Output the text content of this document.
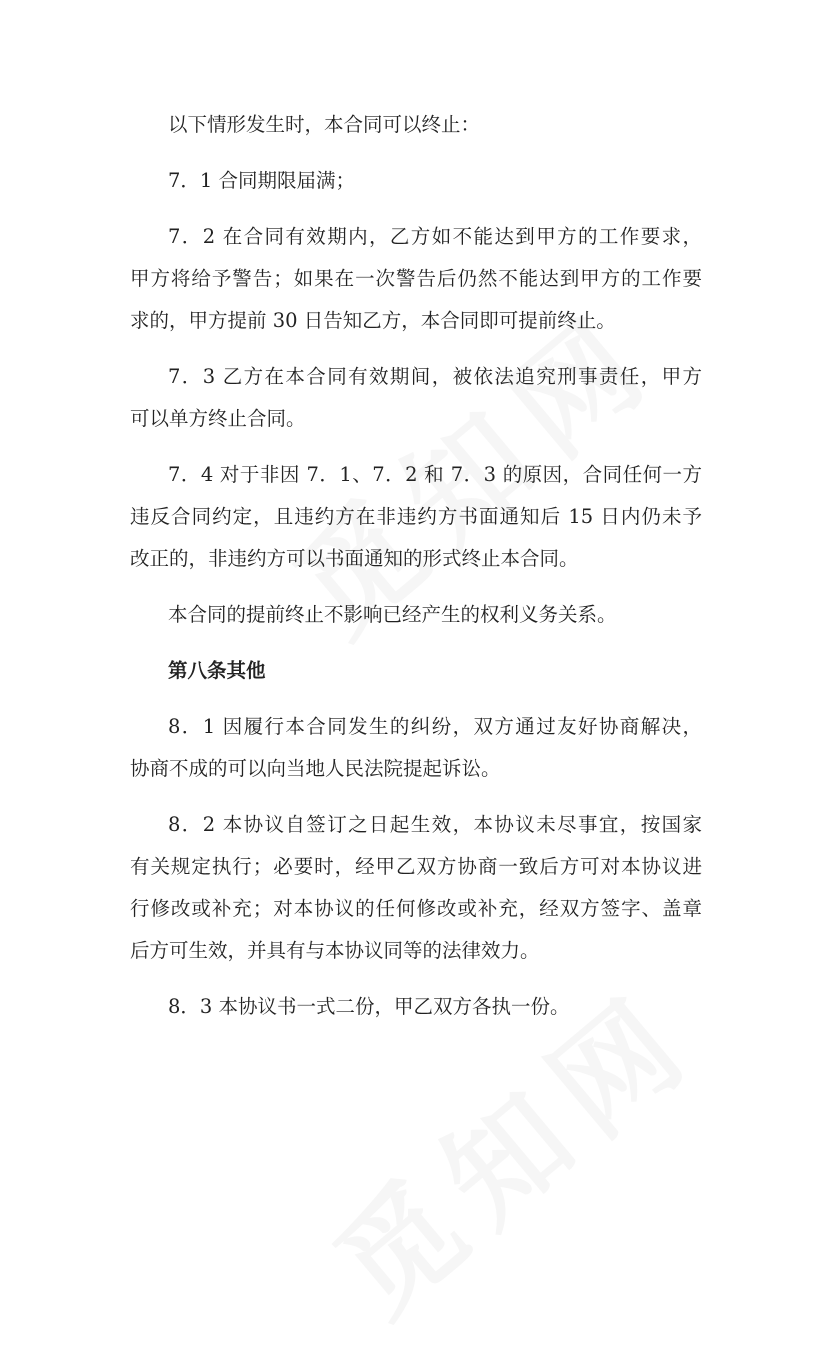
以下情形发生时，本合同可以终止：
7．1 合同期限届满；
7．2 在合同有效期内，乙方如不能达到甲方的工作要求，
甲方将给予警告；如果在一次警告后仍然不能达到甲方的工作要
求的，甲方提前 30 日告知乙方，本合同即可提前终止。
7．3 乙方在本合同有效期间，被依法追究刑事责任，甲方
可以单方终止合同。
7．4 对于非因 7．1、7．2 和 7．3 的原因，合同任何一方
违反合同约定，且违约方在非违约方书面通知后 15 日内仍未予
改正的，非违约方可以书面通知的形式终止本合同。
本合同的提前终止不影响已经产生的权利义务关系。
第八条其他
8．1 因履行本合同发生的纠纷，双方通过友好协商解决，
协商不成的可以向当地人民法院提起诉讼。
8．2 本协议自签订之日起生效，本协议未尽事宜，按国家
有关规定执行；必要时，经甲乙双方协商一致后方可对本协议进
行修改或补充；对本协议的任何修改或补充，经双方签字、盖章
后方可生效，并具有与本协议同等的法律效力。
8．3 本协议书一式二份，甲乙双方各执一份。
